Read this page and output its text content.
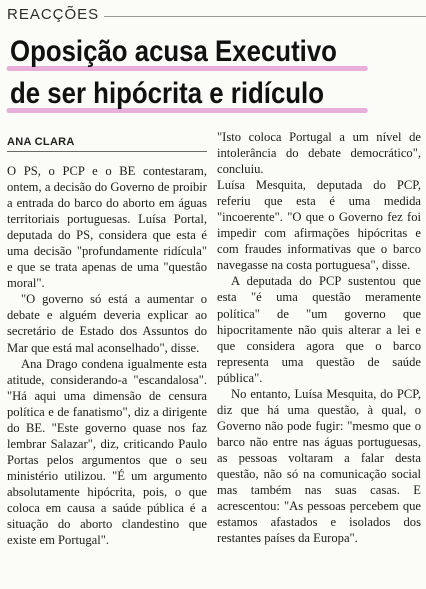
REACÇÕES
Oposição acusa Executivo
de ser hipócrita e ridículo
ANA CLARA

O PS, o PCP e o BE contestaram, ontem, a decisão do Governo de proibir a entrada do barco do aborto em águas territoriais portuguesas. Luísa Portal, deputada do PS, considera que esta é uma decisão "profundamente ridícula" e que se trata apenas de uma "questão moral".

"O governo só está a aumentar o debate e alguém deveria explicar ao secretário de Estado dos Assuntos do Mar que está mal aconselhado", disse.

Ana Drago condena igualmente esta atitude, considerando-a "escandalosa". "Há aqui uma dimensão de censura política e de fanatismo", diz a dirigente do BE. "Este governo quase nos faz lembrar Salazar", diz, criticando Paulo Portas pelos argumentos que o seu ministério utilizou. "É um argumento absolutamente hipócrita, pois, o que coloca em causa a saúde pública é a situação do aborto clandestino que existe em Portugal".

"Isto coloca Portugal a um nível de intolerância do debate democrático", concluiu.

Luísa Mesquita, deputada do PCP, referiu que esta é uma medida "incoerente". "O que o Governo fez foi impedir com afirmações hipócritas e com fraudes informativas que o barco navegasse na costa portuguesa", disse.

A deputada do PCP sustentou que esta "é uma questão meramente política" de "um governo que hipocritamente não quis alterar a lei e que considera agora que o barco representa uma questão de saúde pública".

No entanto, Luísa Mesquita, do PCP, diz que há uma questão, à qual, o Governo não pode fugir: "mesmo que o barco não entre nas águas portuguesas, as pessoas voltaram a falar desta questão, não só na comunicação social mas também nas suas casas. E acrescentou: "As pessoas percebem que estamos afastados e isolados dos restantes países da Europa".
